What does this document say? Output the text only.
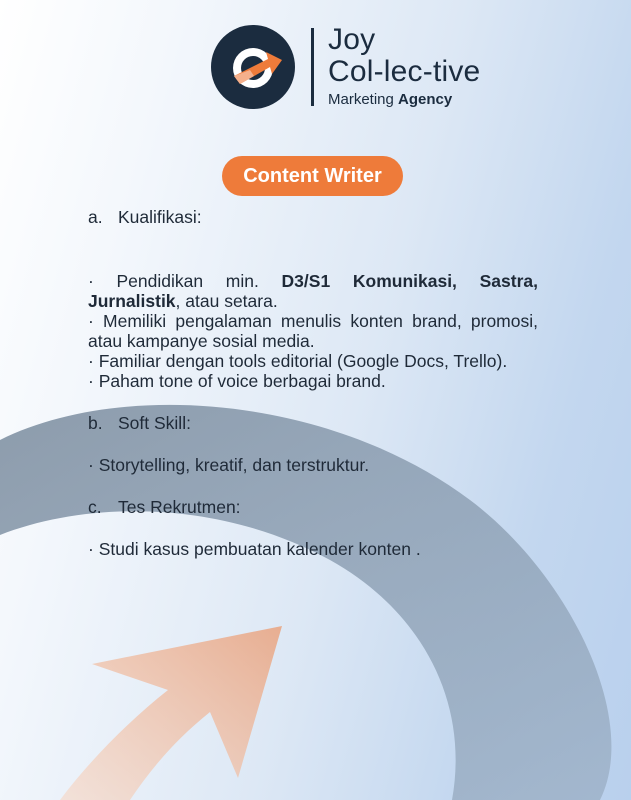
Joy
Col-lec-tive
Marketing Agency
Content Writer
a. Kualifikasi:
· Pendidikan min. D3/S1 Komunikasi, Sastra, Jurnalistik, atau setara.
· Memiliki pengalaman menulis konten brand, promosi, atau kampanye sosial media.
· Familiar dengan tools editorial (Google Docs, Trello).
· Paham tone of voice berbagai brand.
b. Soft Skill:
· Storytelling, kreatif, dan terstruktur.
c. Tes Rekrutmen:
· Studi kasus pembuatan kalender konten .
